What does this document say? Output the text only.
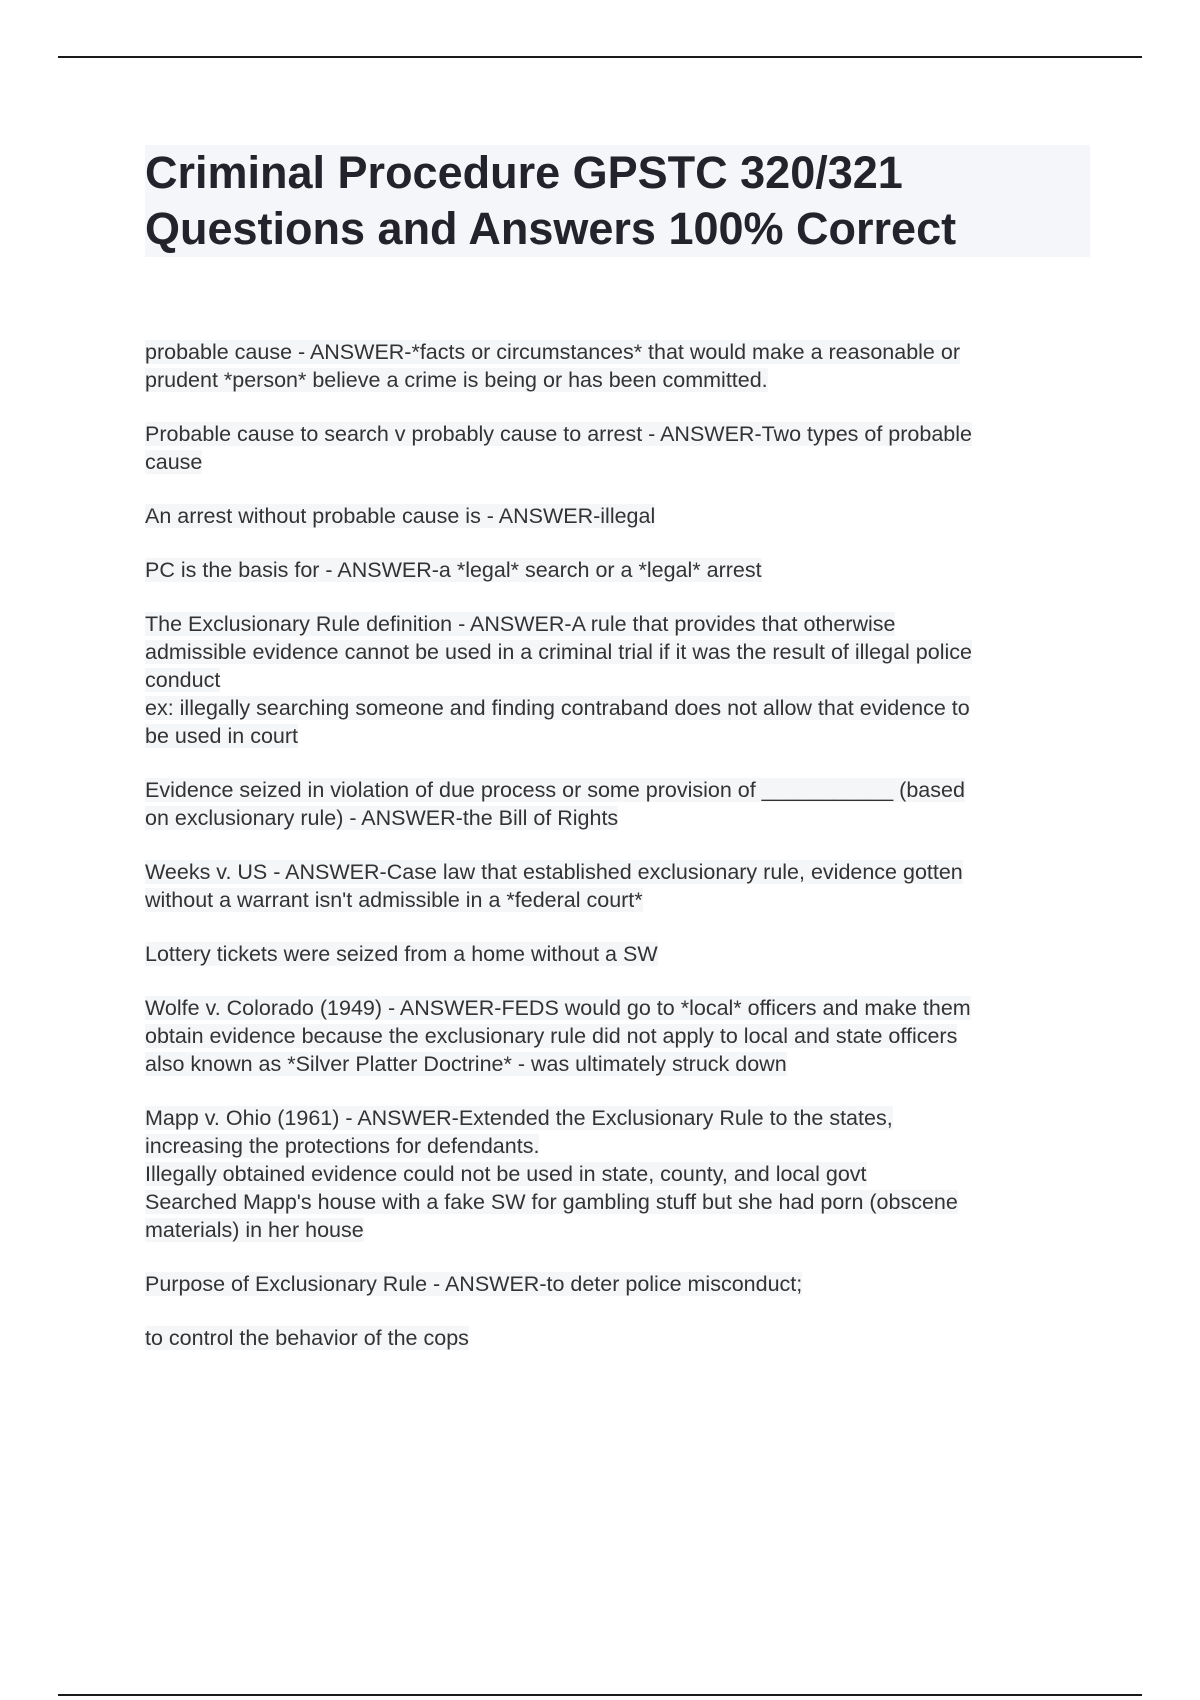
Criminal Procedure GPSTC 320/321
Questions and Answers 100% Correct
probable cause - ANSWER-*facts or circumstances* that would make a reasonable or
prudent *person* believe a crime is being or has been committed.
Probable cause to search v probably cause to arrest - ANSWER-Two types of probable
cause
An arrest without probable cause is - ANSWER-illegal
PC is the basis for - ANSWER-a *legal* search or a *legal* arrest
The Exclusionary Rule definition - ANSWER-A rule that provides that otherwise
admissible evidence cannot be used in a criminal trial if it was the result of illegal police
conduct
ex: illegally searching someone and finding contraband does not allow that evidence to
be used in court
Evidence seized in violation of due process or some provision of ___________ (based
on exclusionary rule) - ANSWER-the Bill of Rights
Weeks v. US - ANSWER-Case law that established exclusionary rule, evidence gotten
without a warrant isn't admissible in a *federal court*
Lottery tickets were seized from a home without a SW
Wolfe v. Colorado (1949) - ANSWER-FEDS would go to *local* officers and make them
obtain evidence because the exclusionary rule did not apply to local and state officers
also known as *Silver Platter Doctrine* - was ultimately struck down
Mapp v. Ohio (1961) - ANSWER-Extended the Exclusionary Rule to the states,
increasing the protections for defendants.
Illegally obtained evidence could not be used in state, county, and local govt
Searched Mapp's house with a fake SW for gambling stuff but she had porn (obscene
materials) in her house
Purpose of Exclusionary Rule - ANSWER-to deter police misconduct;
to control the behavior of the cops
